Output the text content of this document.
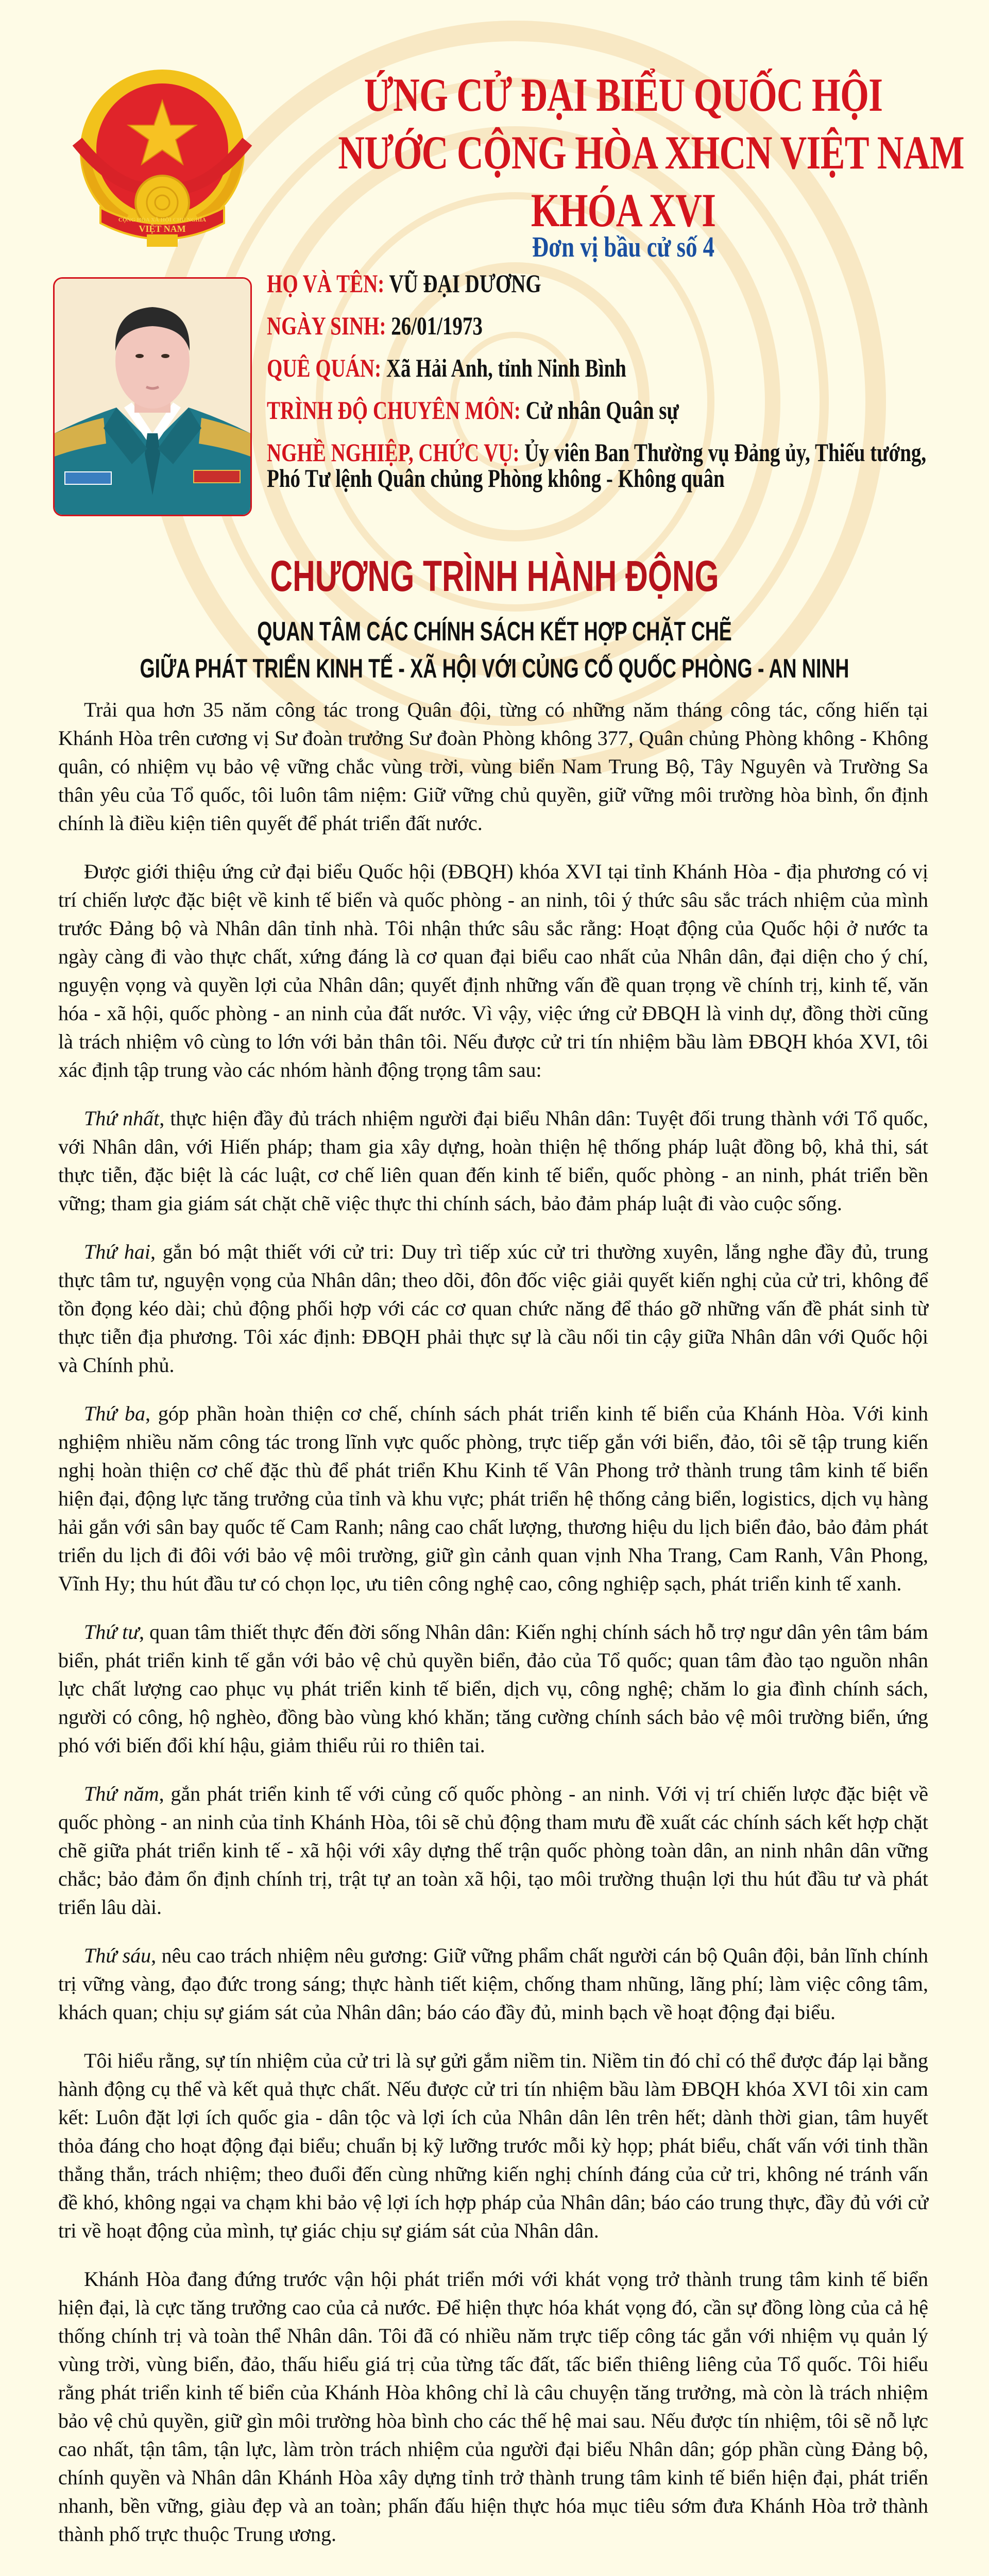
CỘNG HÒA XÃ HỘI CHỦ NGHĨA
VIỆT NAM
ỨNG CỬ ĐẠI BIỂU QUỐC HỘI
NƯỚC CỘNG HÒA XHCN VIỆT NAM
KHÓA XVI
Đơn vị bầu cử số 4
HỌ VÀ TÊN: VŨ ĐẠI DƯƠNG
NGÀY SINH: 26/01/1973
QUÊ QUÁN: Xã Hải Anh, tỉnh Ninh Bình
TRÌNH ĐỘ CHUYÊN MÔN: Cử nhân Quân sự
NGHỀ NGHIỆP, CHỨC VỤ: Ủy viên Ban Thường vụ Đảng ủy, Thiếu tướng,
Phó Tư lệnh Quân chủng Phòng không - Không quân
CHƯƠNG TRÌNH HÀNH ĐỘNG
QUAN TÂM CÁC CHÍNH SÁCH KẾT HỢP CHẶT CHẼ
GIỮA PHÁT TRIỂN KINH TẾ - XÃ HỘI VỚI CỦNG CỐ QUỐC PHÒNG - AN NINH

Trải qua hơn 35 năm công tác trong Quân đội, từng có những năm tháng công tác, cống hiến tại Khánh Hòa trên cương vị Sư đoàn trưởng Sư đoàn Phòng không 377, Quân chủng Phòng không - Không quân, có nhiệm vụ bảo vệ vững chắc vùng trời, vùng biển Nam Trung Bộ, Tây Nguyên và Trường Sa thân yêu của Tổ quốc, tôi luôn tâm niệm: Giữ vững chủ quyền, giữ vững môi trường hòa bình, ổn định chính là điều kiện tiên quyết để phát triển đất nước.

Được giới thiệu ứng cử đại biểu Quốc hội (ĐBQH) khóa XVI tại tỉnh Khánh Hòa - địa phương có vị trí chiến lược đặc biệt về kinh tế biển và quốc phòng - an ninh, tôi ý thức sâu sắc trách nhiệm của mình trước Đảng bộ và Nhân dân tỉnh nhà. Tôi nhận thức sâu sắc rằng: Hoạt động của Quốc hội ở nước ta ngày càng đi vào thực chất, xứng đáng là cơ quan đại biểu cao nhất của Nhân dân, đại diện cho ý chí, nguyện vọng và quyền lợi của Nhân dân; quyết định những vấn đề quan trọng về chính trị, kinh tế, văn hóa - xã hội, quốc phòng - an ninh của đất nước. Vì vậy, việc ứng cử ĐBQH là vinh dự, đồng thời cũng là trách nhiệm vô cùng to lớn với bản thân tôi. Nếu được cử tri tín nhiệm bầu làm ĐBQH khóa XVI, tôi xác định tập trung vào các nhóm hành động trọng tâm sau:

Thứ nhất, thực hiện đầy đủ trách nhiệm người đại biểu Nhân dân: Tuyệt đối trung thành với Tổ quốc, với Nhân dân, với Hiến pháp; tham gia xây dựng, hoàn thiện hệ thống pháp luật đồng bộ, khả thi, sát thực tiễn, đặc biệt là các luật, cơ chế liên quan đến kinh tế biển, quốc phòng - an ninh, phát triển bền vững; tham gia giám sát chặt chẽ việc thực thi chính sách, bảo đảm pháp luật đi vào cuộc sống.

Thứ hai, gắn bó mật thiết với cử tri: Duy trì tiếp xúc cử tri thường xuyên, lắng nghe đầy đủ, trung thực tâm tư, nguyện vọng của Nhân dân; theo dõi, đôn đốc việc giải quyết kiến nghị của cử tri, không để tồn đọng kéo dài; chủ động phối hợp với các cơ quan chức năng để tháo gỡ những vấn đề phát sinh từ thực tiễn địa phương. Tôi xác định: ĐBQH phải thực sự là cầu nối tin cậy giữa Nhân dân với Quốc hội và Chính phủ.

Thứ ba, góp phần hoàn thiện cơ chế, chính sách phát triển kinh tế biển của Khánh Hòa. Với kinh nghiệm nhiều năm công tác trong lĩnh vực quốc phòng, trực tiếp gắn với biển, đảo, tôi sẽ tập trung kiến nghị hoàn thiện cơ chế đặc thù để phát triển Khu Kinh tế Vân Phong trở thành trung tâm kinh tế biển hiện đại, động lực tăng trưởng của tỉnh và khu vực; phát triển hệ thống cảng biển, logistics, dịch vụ hàng hải gắn với sân bay quốc tế Cam Ranh; nâng cao chất lượng, thương hiệu du lịch biển đảo, bảo đảm phát triển du lịch đi đôi với bảo vệ môi trường, giữ gìn cảnh quan vịnh Nha Trang, Cam Ranh, Vân Phong, Vĩnh Hy; thu hút đầu tư có chọn lọc, ưu tiên công nghệ cao, công nghiệp sạch, phát triển kinh tế xanh.

Thứ tư, quan tâm thiết thực đến đời sống Nhân dân: Kiến nghị chính sách hỗ trợ ngư dân yên tâm bám biển, phát triển kinh tế gắn với bảo vệ chủ quyền biển, đảo của Tổ quốc; quan tâm đào tạo nguồn nhân lực chất lượng cao phục vụ phát triển kinh tế biển, dịch vụ, công nghệ; chăm lo gia đình chính sách, người có công, hộ nghèo, đồng bào vùng khó khăn; tăng cường chính sách bảo vệ môi trường biển, ứng phó với biến đổi khí hậu, giảm thiểu rủi ro thiên tai.

Thứ năm, gắn phát triển kinh tế với củng cố quốc phòng - an ninh. Với vị trí chiến lược đặc biệt về quốc phòng - an ninh của tỉnh Khánh Hòa, tôi sẽ chủ động tham mưu đề xuất các chính sách kết hợp chặt chẽ giữa phát triển kinh tế - xã hội với xây dựng thế trận quốc phòng toàn dân, an ninh nhân dân vững chắc; bảo đảm ổn định chính trị, trật tự an toàn xã hội, tạo môi trường thuận lợi thu hút đầu tư và phát triển lâu dài.

Thứ sáu, nêu cao trách nhiệm nêu gương: Giữ vững phẩm chất người cán bộ Quân đội, bản lĩnh chính trị vững vàng, đạo đức trong sáng; thực hành tiết kiệm, chống tham nhũng, lãng phí; làm việc công tâm, khách quan; chịu sự giám sát của Nhân dân; báo cáo đầy đủ, minh bạch về hoạt động đại biểu.

Tôi hiểu rằng, sự tín nhiệm của cử tri là sự gửi gắm niềm tin. Niềm tin đó chỉ có thể được đáp lại bằng hành động cụ thể và kết quả thực chất. Nếu được cử tri tín nhiệm bầu làm ĐBQH khóa XVI tôi xin cam kết: Luôn đặt lợi ích quốc gia - dân tộc và lợi ích của Nhân dân lên trên hết; dành thời gian, tâm huyết thỏa đáng cho hoạt động đại biểu; chuẩn bị kỹ lưỡng trước mỗi kỳ họp; phát biểu, chất vấn với tinh thần thẳng thắn, trách nhiệm; theo đuổi đến cùng những kiến nghị chính đáng của cử tri, không né tránh vấn đề khó, không ngại va chạm khi bảo vệ lợi ích hợp pháp của Nhân dân; báo cáo trung thực, đầy đủ với cử tri về hoạt động của mình, tự giác chịu sự giám sát của Nhân dân.

Khánh Hòa đang đứng trước vận hội phát triển mới với khát vọng trở thành trung tâm kinh tế biển hiện đại, là cực tăng trưởng cao của cả nước. Để hiện thực hóa khát vọng đó, cần sự đồng lòng của cả hệ thống chính trị và toàn thể Nhân dân. Tôi đã có nhiều năm trực tiếp công tác gắn với nhiệm vụ quản lý vùng trời, vùng biển, đảo, thấu hiểu giá trị của từng tấc đất, tấc biển thiêng liêng của Tổ quốc. Tôi hiểu rằng phát triển kinh tế biển của Khánh Hòa không chỉ là câu chuyện tăng trưởng, mà còn là trách nhiệm bảo vệ chủ quyền, giữ gìn môi trường hòa bình cho các thế hệ mai sau. Nếu được tín nhiệm, tôi sẽ nỗ lực cao nhất, tận tâm, tận lực, làm tròn trách nhiệm của người đại biểu Nhân dân; góp phần cùng Đảng bộ, chính quyền và Nhân dân Khánh Hòa xây dựng tỉnh trở thành trung tâm kinh tế biển hiện đại, phát triển nhanh, bền vững, giàu đẹp và an toàn; phấn đấu hiện thực hóa mục tiêu sớm đưa Khánh Hòa trở thành thành phố trực thuộc Trung ương.
